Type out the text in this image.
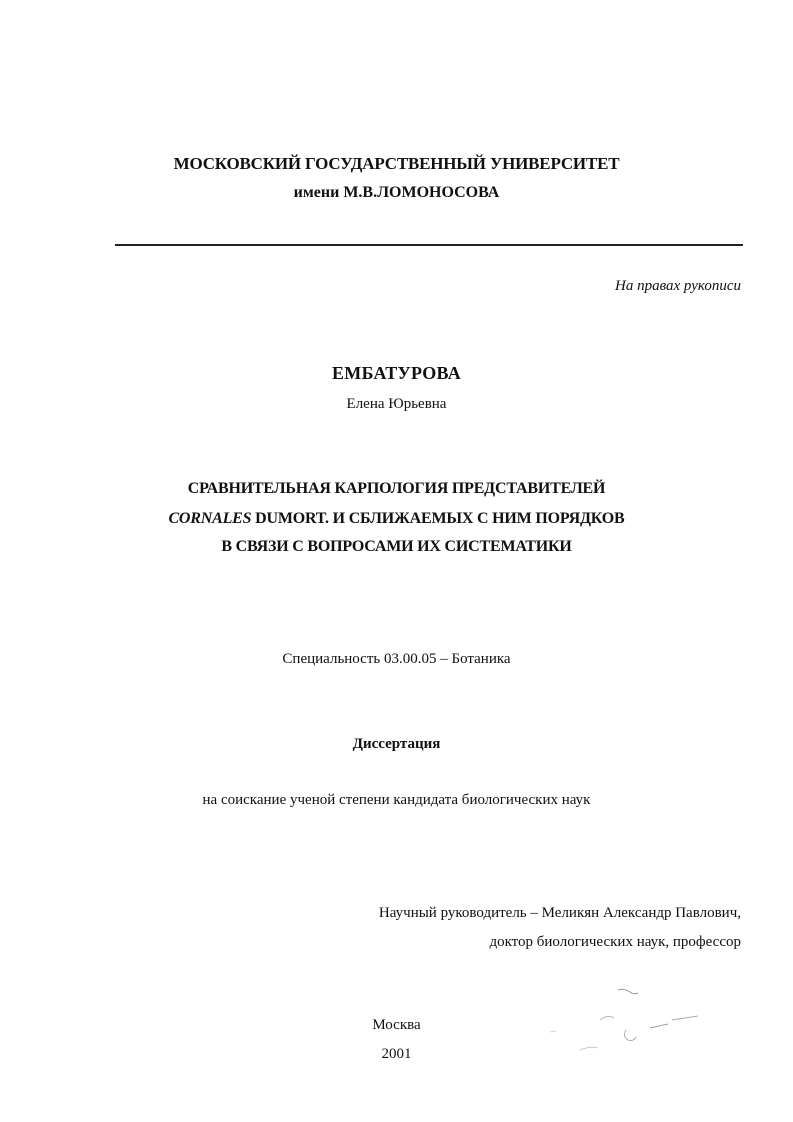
МОСКОВСКИЙ ГОСУДАРСТВЕННЫЙ УНИВЕРСИТЕТ
имени М.В.ЛОМОНОСОВА
На правах рукописи
ЕМБАТУРОВА
Елена Юрьевна
СРАВНИТЕЛЬНАЯ КАРПОЛОГИЯ ПРЕДСТАВИТЕЛЕЙ
CORNALES DUMORT. И СБЛИЖАЕМЫХ С НИМ ПОРЯДКОВ
В СВЯЗИ С ВОПРОСАМИ ИХ СИСТЕМАТИКИ
Специальность 03.00.05 – Ботаника
Диссертация
на соискание ученой степени кандидата биологических наук
Научный руководитель – Меликян Александр Павлович,
доктор биологических наук, профессор
Москва
2001
